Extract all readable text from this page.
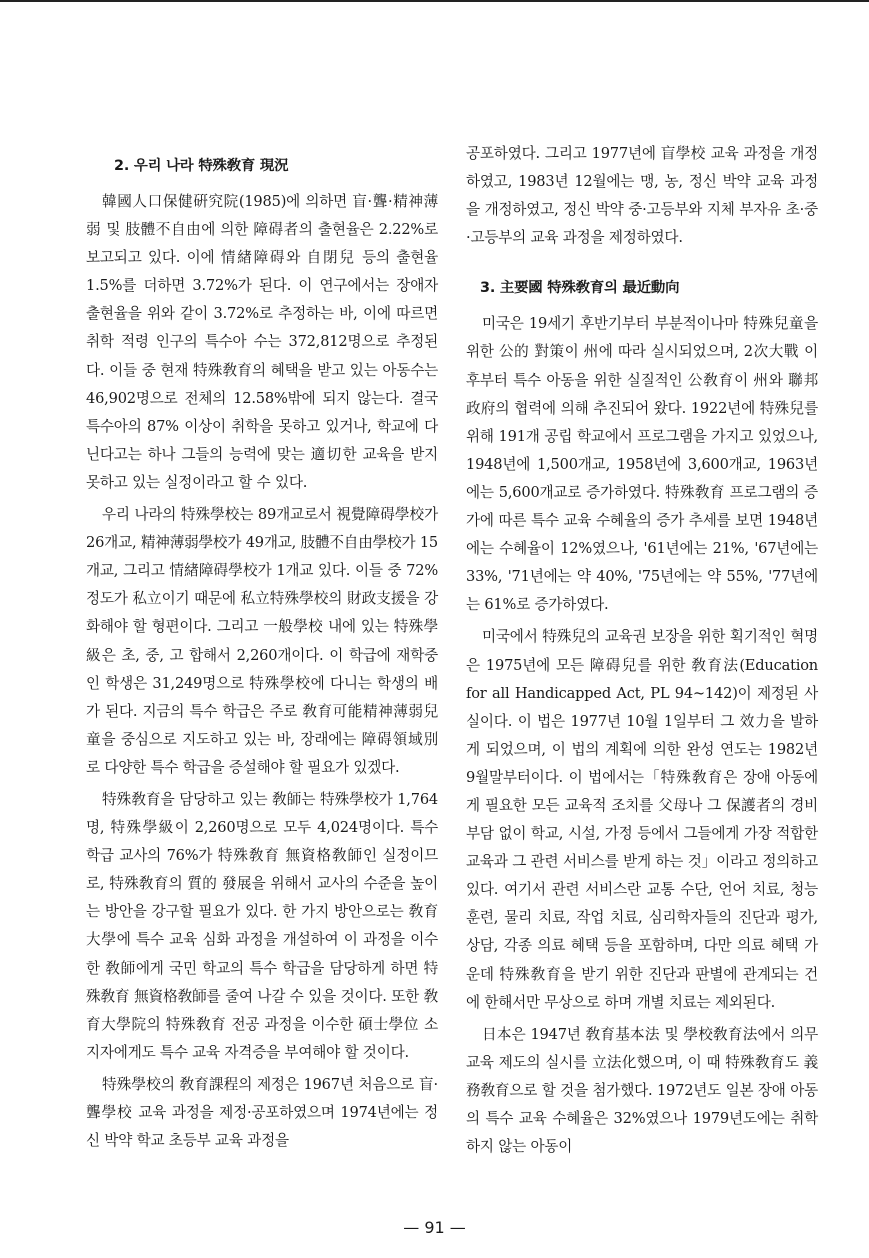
2. 우리 나라 特殊敎育 現況

韓國人口保健硏究院(1985)에 의하면 盲·聾·精神薄弱 및 肢體不自由에 의한 障碍者의 출현율은 2.22%로 보고되고 있다. 이에 情緖障碍와 自閉兒 등의 출현율 1.5%를 더하면 3.72%가 된다. 이 연구에서는 장애자 출현율을 위와 같이 3.72%로 추정하는 바, 이에 따르면 취학 적령 인구의 특수아 수는 372,812명으로 추정된다. 이들 중 현재 特殊敎育의 혜택을 받고 있는 아동수는 46,902명으로 전체의 12.58%밖에 되지 않는다. 결국 특수아의 87% 이상이 취학을 못하고 있거나, 학교에 다닌다고는 하나 그들의 능력에 맞는 適切한 교육을 받지 못하고 있는 실정이라고 할 수 있다.

우리 나라의 特殊學校는 89개교로서 視覺障碍學校가 26개교, 精神薄弱學校가 49개교, 肢體不自由學校가 15개교, 그리고 情緖障碍學校가 1개교 있다. 이들 중 72% 정도가 私立이기 때문에 私立特殊學校의 財政支援을 강화해야 할 형편이다. 그리고 一般學校 내에 있는 特殊學級은 초, 중, 고 합해서 2,260개이다. 이 학급에 재학중인 학생은 31,249명으로 特殊學校에 다니는 학생의 배가 된다. 지금의 특수 학급은 주로 敎育可能精神薄弱兒童을 중심으로 지도하고 있는 바, 장래에는 障碍領域別로 다양한 특수 학급을 증설해야 할 필요가 있겠다.

特殊敎育을 담당하고 있는 敎師는 特殊學校가 1,764명, 特殊學級이 2,260명으로 모두 4,024명이다. 특수 학급 교사의 76%가 特殊敎育 無資格敎師인 실정이므로, 特殊敎育의 質的 發展을 위해서 교사의 수준을 높이는 방안을 강구할 필요가 있다. 한 가지 방안으로는 敎育大學에 특수 교육 심화 과정을 개설하여 이 과정을 이수한 敎師에게 국민 학교의 특수 학급을 담당하게 하면 特殊敎育 無資格敎師를 줄여 나갈 수 있을 것이다. 또한 敎育大學院의 特殊敎育 전공 과정을 이수한 碩士學位 소지자에게도 특수 교육 자격증을 부여해야 할 것이다.

特殊學校의 敎育課程의 제정은 1967년 처음으로 盲·聾學校 교육 과정을 제정·공포하였으며 1974년에는 정신 박약 학교 초등부 교육 과정을

공포하였다. 그리고 1977년에 盲學校 교육 과정을 개정하였고, 1983년 12월에는 맹, 농, 정신 박약 교육 과정을 개정하였고, 정신 박약 중·고등부와 지체 부자유 초·중·고등부의 교육 과정을 제정하였다.

3. 主要國 特殊敎育의 最近動向

미국은 19세기 후반기부터 부분적이나마 特殊兒童을 위한 公的 對策이 州에 따라 실시되었으며, 2次大戰 이후부터 특수 아동을 위한 실질적인 公敎育이 州와 聯邦政府의 협력에 의해 추진되어 왔다. 1922년에 特殊兒를 위해 191개 공립 학교에서 프로그램을 가지고 있었으나, 1948년에 1,500개교, 1958년에 3,600개교, 1963년에는 5,600개교로 증가하였다. 特殊敎育 프로그램의 증가에 따른 특수 교육 수혜율의 증가 추세를 보면 1948년에는 수혜율이 12%였으나, '61년에는 21%, '67년에는 33%, '71년에는 약 40%, '75년에는 약 55%, '77년에는 61%로 증가하였다.

미국에서 特殊兒의 교육권 보장을 위한 획기적인 혁명은 1975년에 모든 障碍兒를 위한 敎育法(Education for all Handicapped Act, PL 94~142)이 제정된 사실이다. 이 법은 1977년 10월 1일부터 그 效力을 발하게 되었으며, 이 법의 계획에 의한 완성 연도는 1982년 9월말부터이다. 이 법에서는「特殊敎育은 장애 아동에게 필요한 모든 교육적 조치를 父母나 그 保護者의 경비 부담 없이 학교, 시설, 가정 등에서 그들에게 가장 적합한 교육과 그 관련 서비스를 받게 하는 것」이라고 정의하고 있다. 여기서 관련 서비스란 교통 수단, 언어 치료, 청능 훈련, 물리 치료, 작업 치료, 심리학자들의 진단과 평가, 상담, 각종 의료 혜택 등을 포함하며, 다만 의료 혜택 가운데 特殊敎育을 받기 위한 진단과 판별에 관계되는 건에 한해서만 무상으로 하며 개별 치료는 제외된다.

日本은 1947년 敎育基本法 및 學校敎育法에서 의무 교육 제도의 실시를 立法化했으며, 이 때 特殊敎育도 義務敎育으로 할 것을 첨가했다. 1972년도 일본 장애 아동의 특수 교육 수혜율은 32%였으나 1979년도에는 취학하지 않는 아동이

— 91 —
